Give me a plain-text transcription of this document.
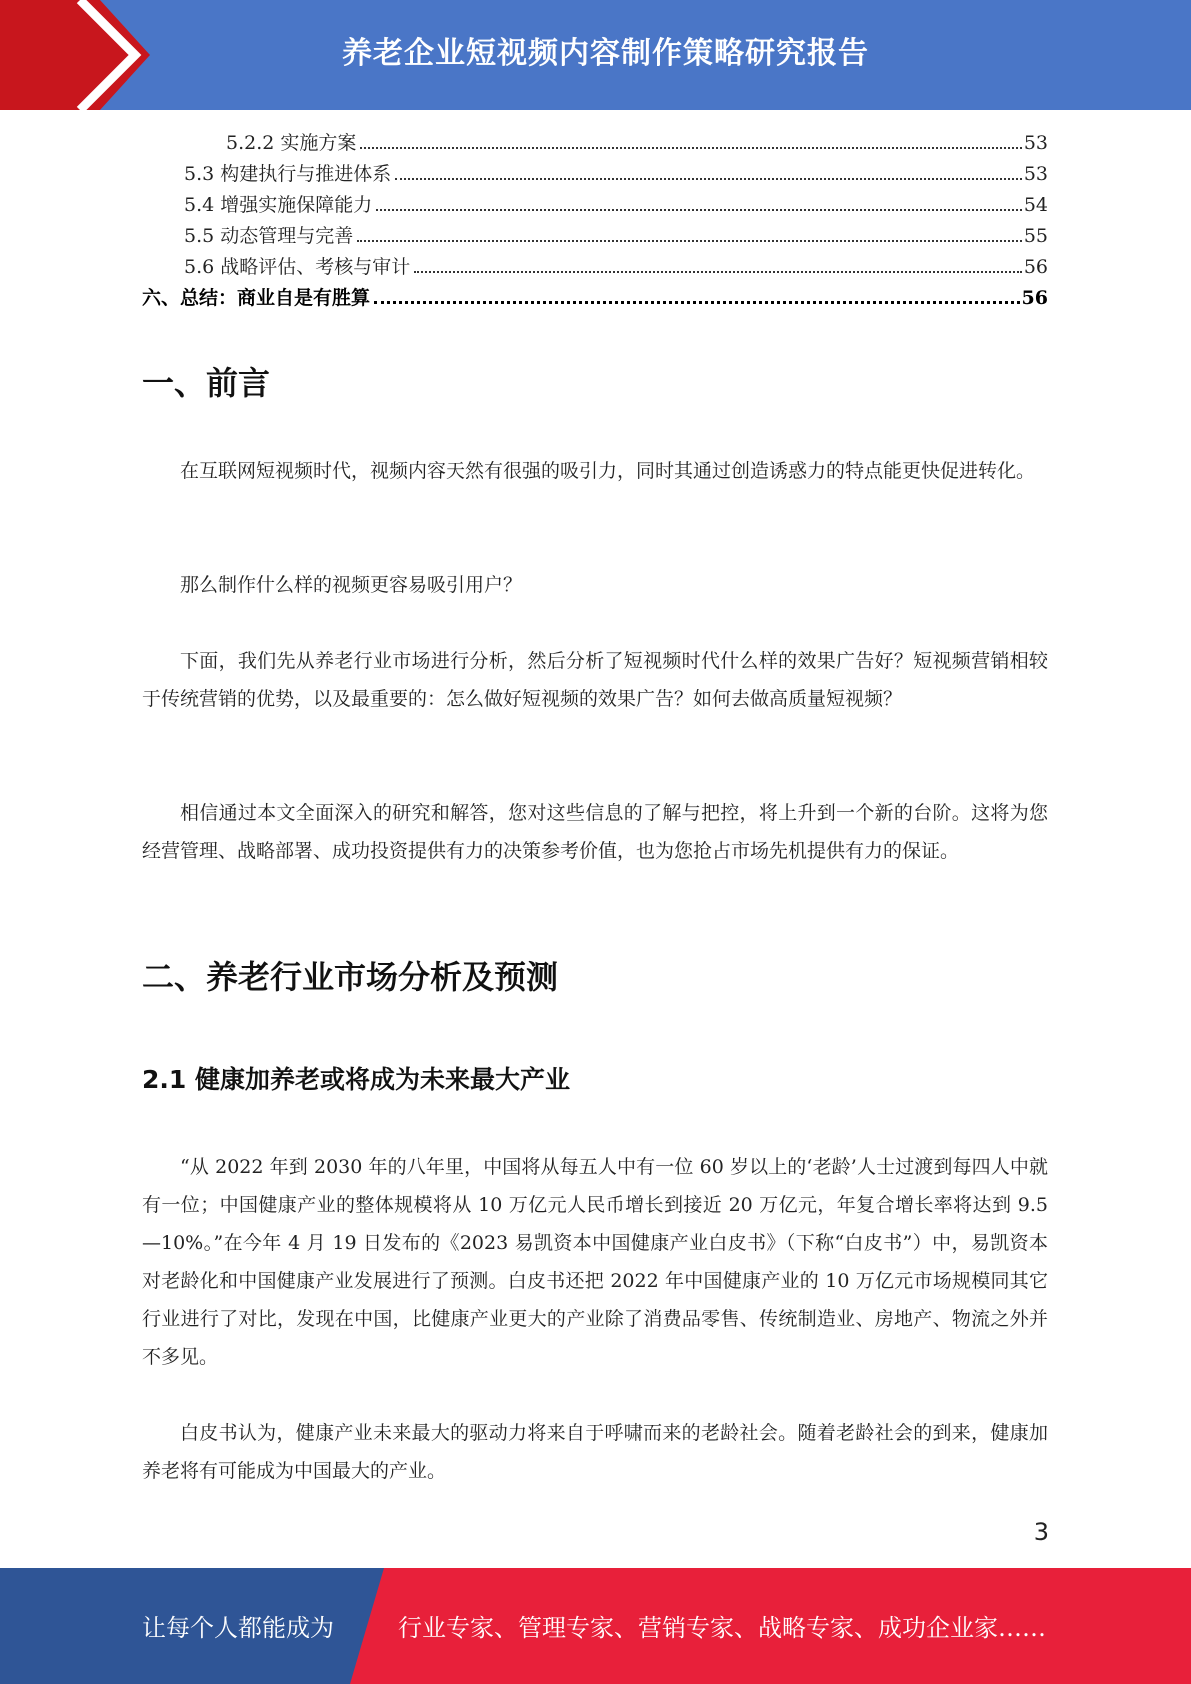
养老企业短视频内容制作策略研究报告
5.2.2 实施方案	53
5.3 构建执行与推进体系	53
5.4 增强实施保障能力	54
5.5 动态管理与完善	55
5.6 战略评估、考核与审计	56
六、总结：商业自是有胜算	56
一、前言

在互联网短视频时代，视频内容天然有很强的吸引力，同时其通过创造诱惑力的特点能更快促进转化。

那么制作什么样的视频更容易吸引用户？

下面，我们先从养老行业市场进行分析，然后分析了短视频时代什么样的效果广告好？短视频营销相较于传统营销的优势，以及最重要的：怎么做好短视频的效果广告？如何去做高质量短视频？

相信通过本文全面深入的研究和解答，您对这些信息的了解与把控，将上升到一个新的台阶。这将为您经营管理、战略部署、成功投资提供有力的决策参考价值，也为您抢占市场先机提供有力的保证。

二、养老行业市场分析及预测
2.1 健康加养老或将成为未来最大产业

“从 2022 年到 2030 年的八年里，中国将从每五人中有一位 60 岁以上的‘老龄’人士过渡到每四人中就有一位；中国健康产业的整体规模将从 10 万亿元人民币增长到接近 20 万亿元，年复合增长率将达到 9.5—10%。”在今年 4 月 19 日发布的《2023 易凯资本中国健康产业白皮书》（下称“白皮书”）中，易凯资本对老龄化和中国健康产业发展进行了预测。白皮书还把 2022 年中国健康产业的 10 万亿元市场规模同其它行业进行了对比，发现在中国，比健康产业更大的产业除了消费品零售、传统制造业、房地产、物流之外并不多见。

白皮书认为，健康产业未来最大的驱动力将来自于呼啸而来的老龄社会。随着老龄社会的到来，健康加养老将有可能成为中国最大的产业。

3
让每个人都能成为	行业专家、管理专家、营销专家、战略专家、成功企业家……
